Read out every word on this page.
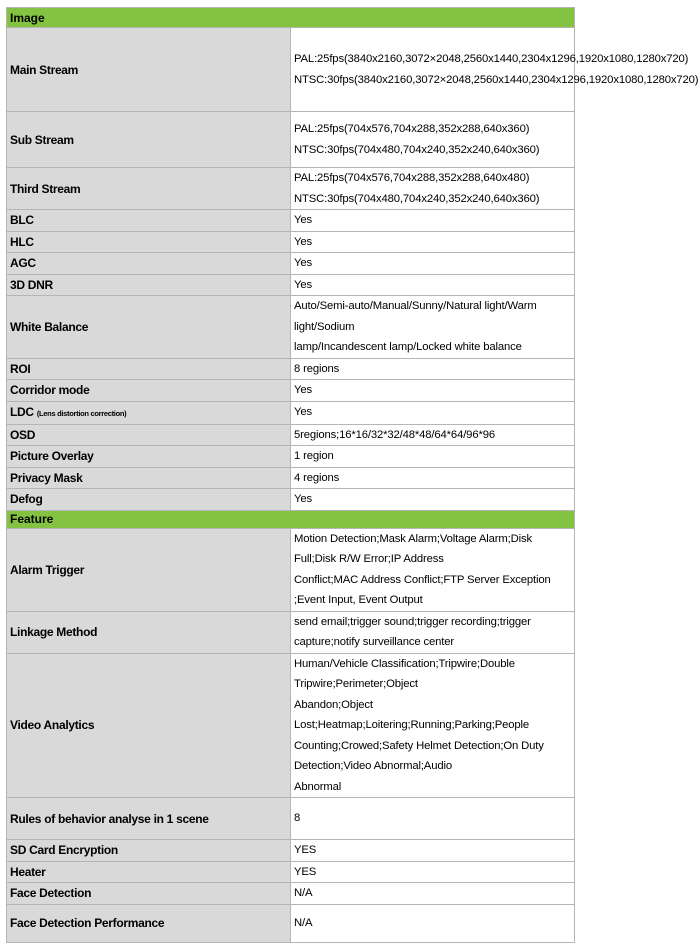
Image	
Main Stream	PAL:25fps(3840x2160,3072×2048,2560x1440,2304x1296,1920x1080,1280x720)
NTSC:30fps(3840x2160,3072×2048,2560x1440,2304x1296,1920x1080,1280x720)

Sub Stream	PAL:25fps(704x576,704x288,352x288,640x360)
NTSC:30fps(704x480,704x240,352x240,640x360)

Third Stream	PAL:25fps(704x576,704x288,352x288,640x480)
NTSC:30fps(704x480,704x240,352x240,640x360)

BLC	Yes

HLC	Yes

AGC	Yes

3D DNR	Yes

White Balance	Auto/Semi-auto/Manual/Sunny/Natural light/Warm light/Sodium
lamp/Incandescent lamp/Locked white balance

ROI	8 regions

Corridor mode	Yes

LDC (Lens distortion correction)	Yes

OSD	5regions;16*16/32*32/48*48/64*64/96*96

Picture Overlay	1 region

Privacy Mask	4 regions

Defog	Yes

Feature	
Alarm Trigger	Motion Detection;Mask Alarm;Voltage Alarm;Disk Full;Disk R/W Error;IP Address
Conflict;MAC Address Conflict;FTP Server Exception ;Event Input, Event Output

Linkage Method	send email;trigger sound;trigger recording;trigger
capture;notify surveillance center

Video Analytics	Human/Vehicle Classification;Tripwire;Double Tripwire;Perimeter;Object
Abandon;Object Lost;Heatmap;Loitering;Running;Parking;People
Counting;Crowed;Safety Helmet Detection;On Duty Detection;Video Abnormal;Audio
Abnormal

Rules of behavior analyse in 1 scene	8

SD Card Encryption	YES

Heater	YES

Face Detection	N/A

Face Detection Performance	N/A
